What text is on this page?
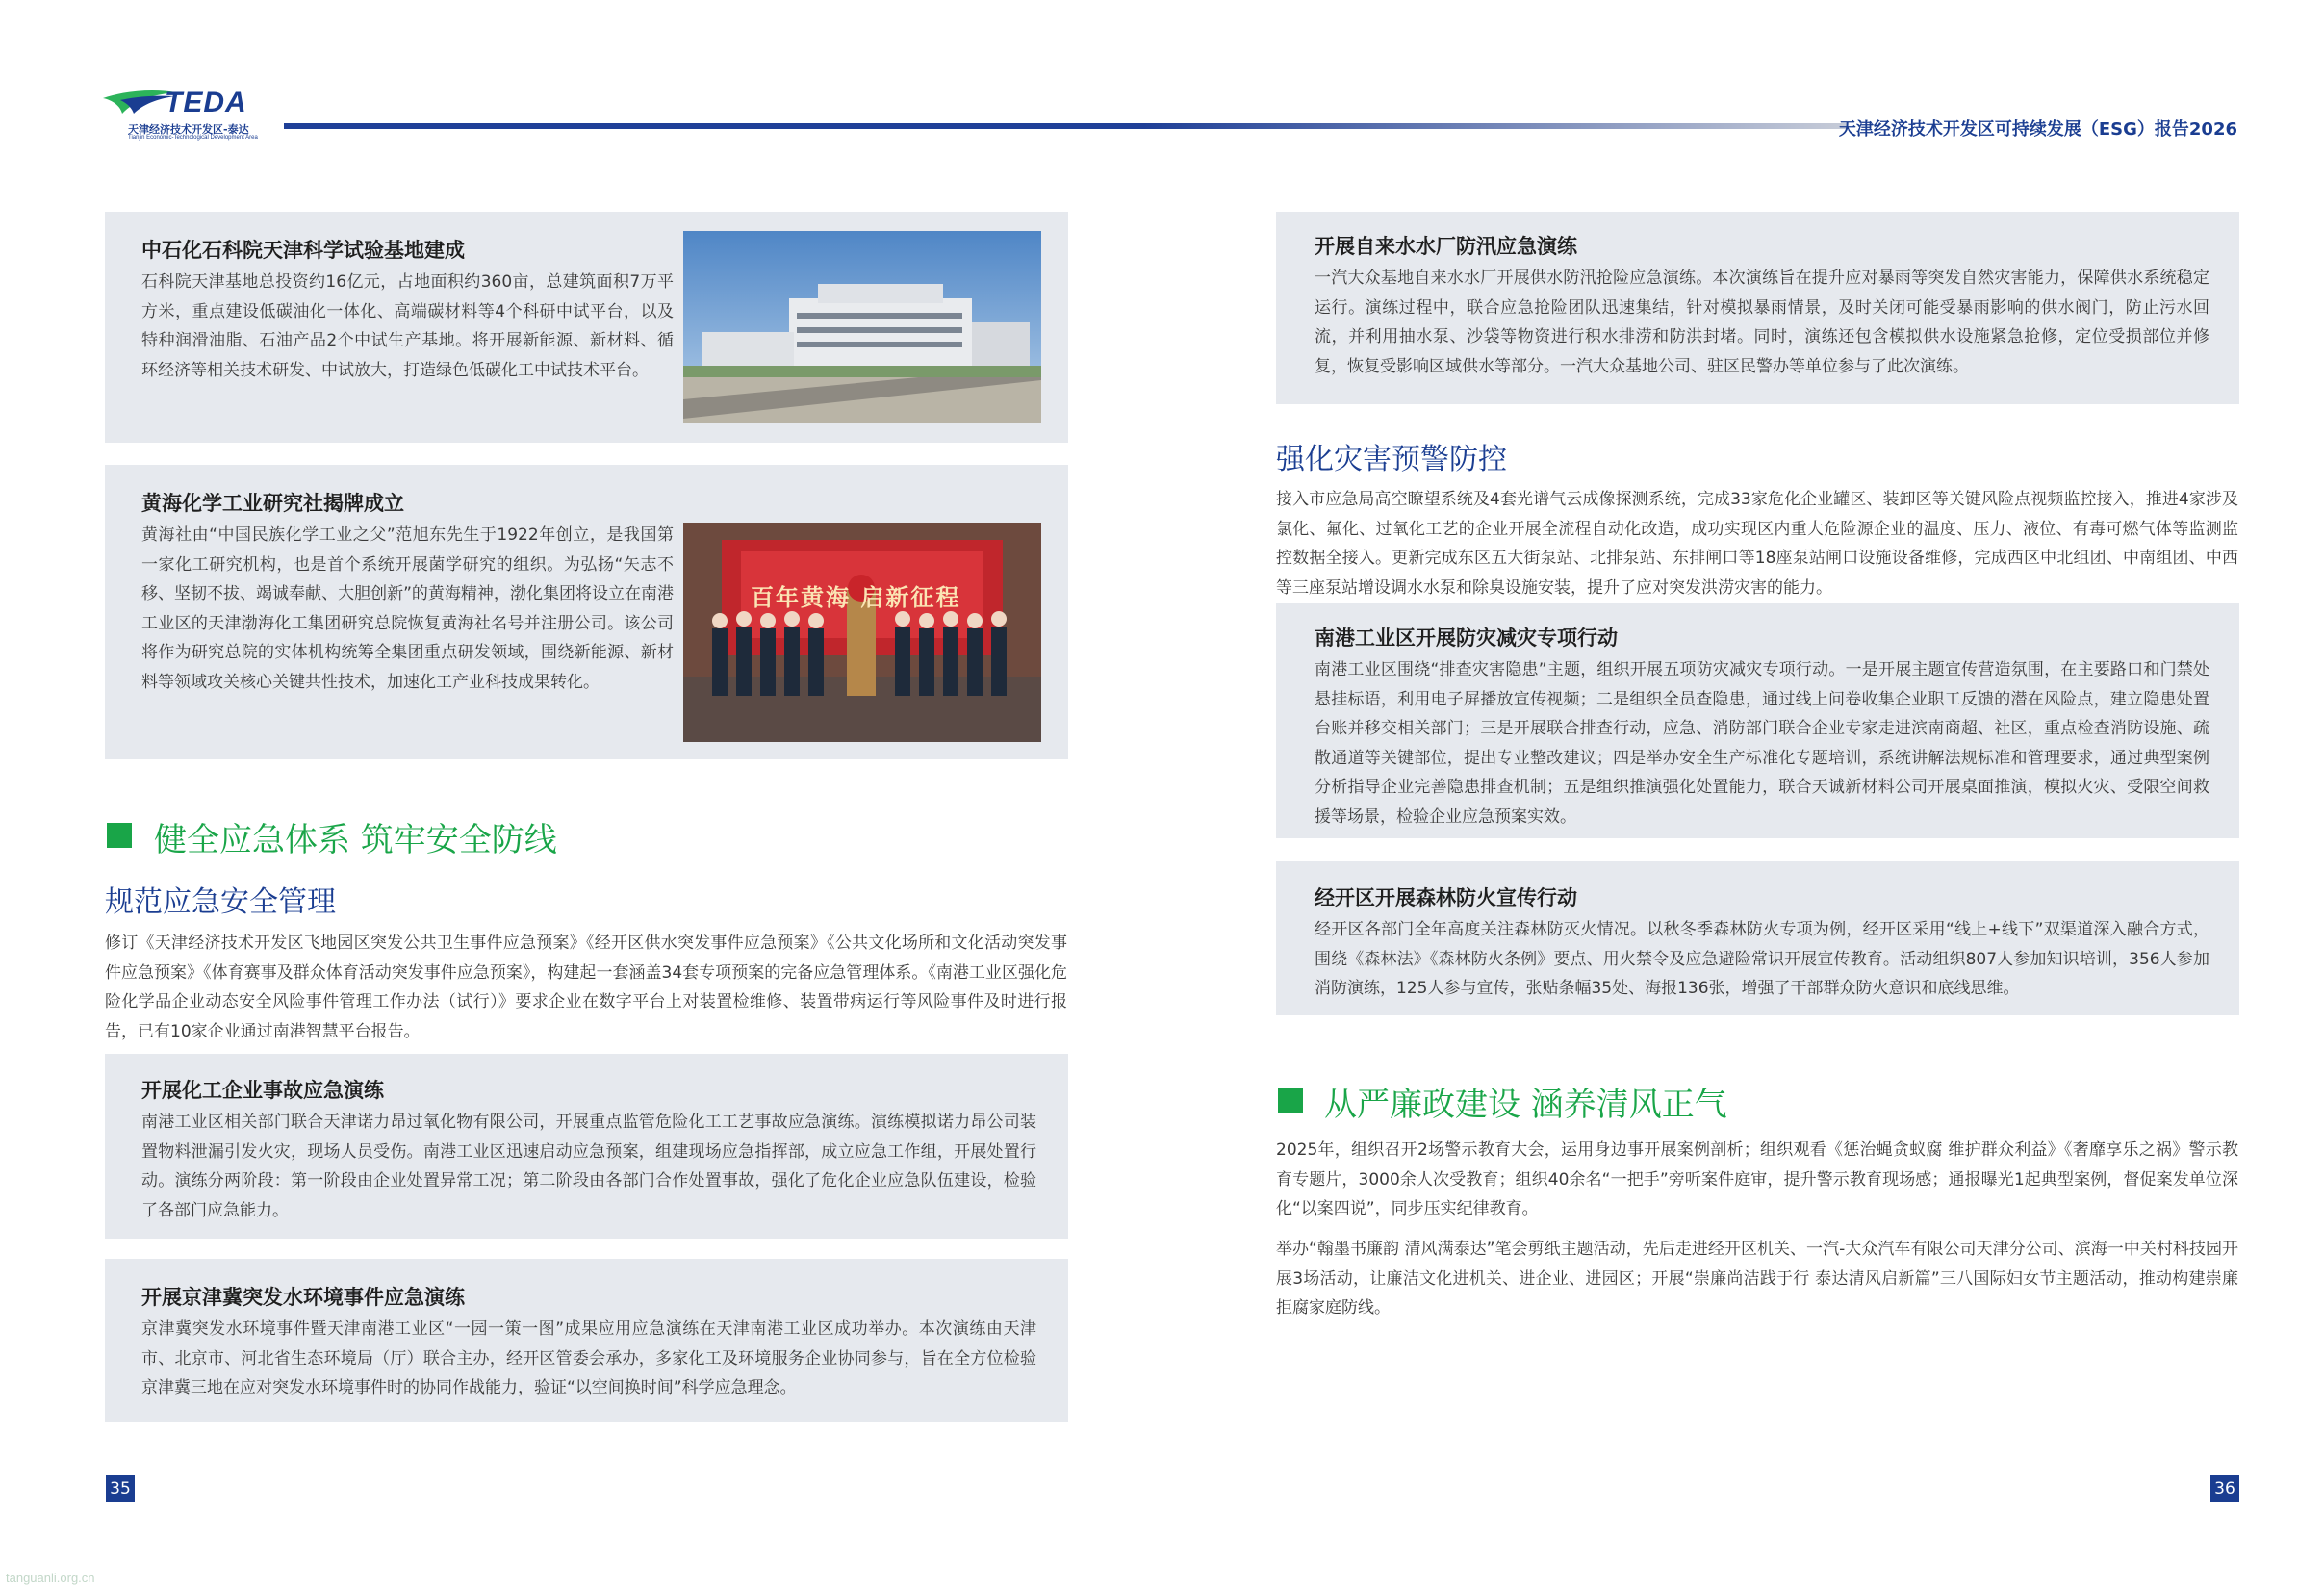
TEDA
天津经济技术开发区-泰达
Tianjin Economic-Technological Development Area	天津经济技术开发区可持续发展（ESG）报告2026
中石化石科院天津科学试验基地建成
石科院天津基地总投资约16亿元，占地面积约360亩，总建筑面积7万平方米，重点建设低碳油化一体化、高端碳材料等4个科研中试平台，以及特种润滑油脂、石油产品2个中试生产基地。将开展新能源、新材料、循环经济等相关技术研发、中试放大，打造绿色低碳化工中试技术平台。
黄海化学工业研究社揭牌成立
黄海社由“中国民族化学工业之父”范旭东先生于1922年创立，是我国第一家化工研究机构，也是首个系统开展菌学研究的组织。为弘扬“矢志不移、坚韧不拔、竭诚奉献、大胆创新”的黄海精神，渤化集团将设立在南港工业区的天津渤海化工集团研究总院恢复黄海社名号并注册公司。该公司将作为研究总院的实体机构统筹全集团重点研发领域，围绕新能源、新材料等领域攻关核心关键共性技术，加速化工产业科技成果转化。
百年黄海 启新征程
健全应急体系 筑牢安全防线
规范应急安全管理
修订《天津经济技术开发区飞地园区突发公共卫生事件应急预案》《经开区供水突发事件应急预案》《公共文化场所和文化活动突发事件应急预案》《体育赛事及群众体育活动突发事件应急预案》，构建起一套涵盖34套专项预案的完备应急管理体系。《南港工业区强化危险化学品企业动态安全风险事件管理工作办法（试行）》要求企业在数字平台上对装置检维修、装置带病运行等风险事件及时进行报告，已有10家企业通过南港智慧平台报告。
开展化工企业事故应急演练
南港工业区相关部门联合天津诺力昂过氧化物有限公司，开展重点监管危险化工工艺事故应急演练。演练模拟诺力昂公司装置物料泄漏引发火灾，现场人员受伤。南港工业区迅速启动应急预案，组建现场应急指挥部，成立应急工作组，开展处置行动。演练分两阶段：第一阶段由企业处置异常工况；第二阶段由各部门合作处置事故，强化了危化企业应急队伍建设，检验了各部门应急能力。
开展京津冀突发水环境事件应急演练
京津冀突发水环境事件暨天津南港工业区“一园一策一图”成果应用应急演练在天津南港工业区成功举办。本次演练由天津市、北京市、河北省生态环境局（厅）联合主办，经开区管委会承办，多家化工及环境服务企业协同参与，旨在全方位检验京津冀三地在应对突发水环境事件时的协同作战能力，验证“以空间换时间”科学应急理念。
35
开展自来水水厂防汛应急演练
一汽大众基地自来水水厂开展供水防汛抢险应急演练。本次演练旨在提升应对暴雨等突发自然灾害能力，保障供水系统稳定运行。演练过程中，联合应急抢险团队迅速集结，针对模拟暴雨情景，及时关闭可能受暴雨影响的供水阀门，防止污水回流，并利用抽水泵、沙袋等物资进行积水排涝和防洪封堵。同时，演练还包含模拟供水设施紧急抢修，定位受损部位并修复，恢复受影响区域供水等部分。一汽大众基地公司、驻区民警办等单位参与了此次演练。
强化灾害预警防控
接入市应急局高空瞭望系统及4套光谱气云成像探测系统，完成33家危化企业罐区、装卸区等关键风险点视频监控接入，推进4家涉及氯化、氟化、过氧化工艺的企业开展全流程自动化改造，成功实现区内重大危险源企业的温度、压力、液位、有毒可燃气体等监测监控数据全接入。更新完成东区五大街泵站、北排泵站、东排闸口等18座泵站闸口设施设备维修，完成西区中北组团、中南组团、中西等三座泵站增设调水水泵和除臭设施安装，提升了应对突发洪涝灾害的能力。
南港工业区开展防灾减灾专项行动
南港工业区围绕“排查灾害隐患”主题，组织开展五项防灾减灾专项行动。一是开展主题宣传营造氛围，在主要路口和门禁处悬挂标语，利用电子屏播放宣传视频；二是组织全员查隐患，通过线上问卷收集企业职工反馈的潜在风险点，建立隐患处置台账并移交相关部门；三是开展联合排查行动，应急、消防部门联合企业专家走进滨南商超、社区，重点检查消防设施、疏散通道等关键部位，提出专业整改建议；四是举办安全生产标准化专题培训，系统讲解法规标准和管理要求，通过典型案例分析指导企业完善隐患排查机制；五是组织推演强化处置能力，联合天诚新材料公司开展桌面推演，模拟火灾、受限空间救援等场景，检验企业应急预案实效。
经开区开展森林防火宣传行动
经开区各部门全年高度关注森林防灭火情况。以秋冬季森林防火专项为例，经开区采用“线上+线下”双渠道深入融合方式，围绕《森林法》《森林防火条例》要点、用火禁令及应急避险常识开展宣传教育。活动组织807人参加知识培训，356人参加消防演练，125人参与宣传，张贴条幅35处、海报136张，增强了干部群众防火意识和底线思维。
从严廉政建设 涵养清风正气
2025年，组织召开2场警示教育大会，运用身边事开展案例剖析；组织观看《惩治蝇贪蚁腐 维护群众利益》《奢靡享乐之祸》警示教育专题片，3000余人次受教育；组织40余名“一把手”旁听案件庭审，提升警示教育现场感；通报曝光1起典型案例，督促案发单位深化“以案四说”，同步压实纪律教育。
举办“翰墨书廉韵 清风满泰达”笔会剪纸主题活动，先后走进经开区机关、一汽-大众汽车有限公司天津分公司、滨海一中关村科技园开展3场活动，让廉洁文化进机关、进企业、进园区；开展“崇廉尚洁践于行 泰达清风启新篇”三八国际妇女节主题活动，推动构建崇廉拒腐家庭防线。
36
tanguanli.org.cn
